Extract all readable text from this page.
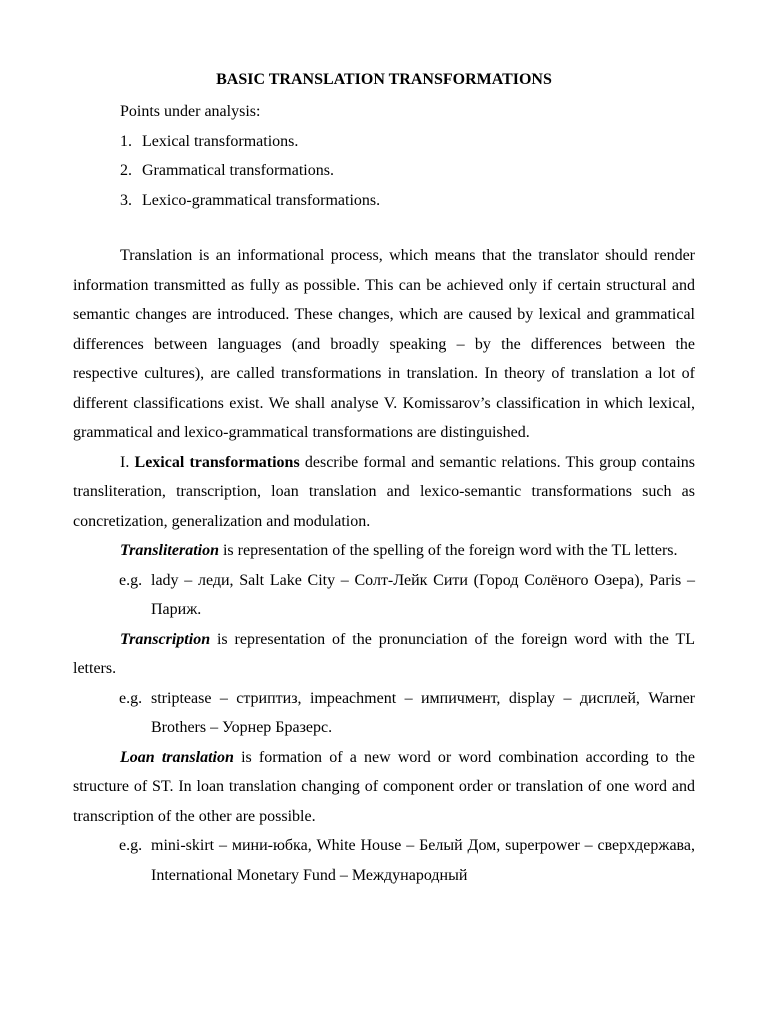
BASIC TRANSLATION TRANSFORMATIONS
Points under analysis:
1. Lexical transformations.
2. Grammatical transformations.
3. Lexico-grammatical transformations.

Translation is an informational process, which means that the translator should render information transmitted as fully as possible. This can be achieved only if certain structural and semantic changes are introduced. These changes, which are caused by lexical and grammatical differences between languages (and broadly speaking – by the differences between the respective cultures), are called transformations in translation. In theory of translation a lot of different classifications exist. We shall analyse V. Komissarov’s classification in which lexical, grammatical and lexico-grammatical transformations are distinguished.

I. Lexical transformations describe formal and semantic relations. This group contains transliteration, transcription, loan translation and lexico-semantic transformations such as concretization, generalization and modulation.

Transliteration is representation of the spelling of the foreign word with the TL letters.

e.g. lady – леди, Salt Lake City – Солт-Лейк Сити (Город Солёного Озера), Paris – Париж.

Transcription is representation of the pronunciation of the foreign word with the TL letters.

e.g. striptease – стриптиз, impeachment – импичмент, display – дисплей, Warner Brothers – Уорнер Бразерс.

Loan translation is formation of a new word or word combination according to the structure of ST. In loan translation changing of component order or translation of one word and transcription of the other are possible.

e.g. mini-skirt – мини-юбка, White House – Белый Дом, superpower – сверхдержава, International Monetary Fund – Международный
